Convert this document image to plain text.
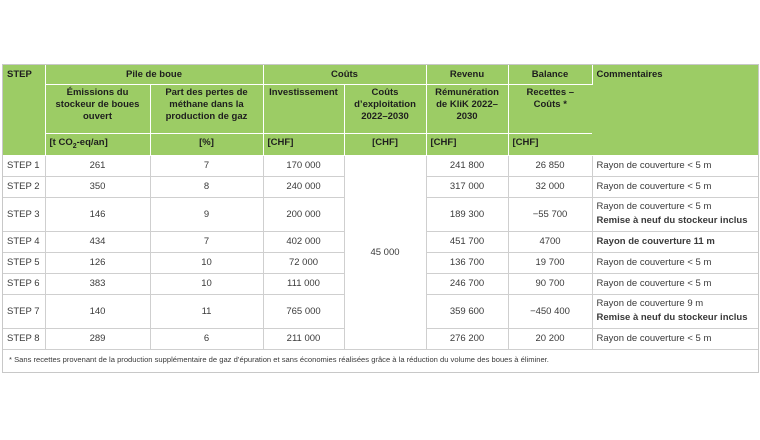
STEP	Pile de boue		Coûts		Revenu	Balance	Commentaires
	Émissions du stockeur de boues ouvert	Part des pertes de méthane dans la production de gaz	Investissement	Coûts d’exploitation 2022–2030	Rémunération de KliK 2022–2030	Recettes – Coûts *	
	[t $CO_2-eq/an$]	[%]	[CHF]	[CHF]	[CHF]	[CHF]	
STEP 1	261	7	170 000	45 000	241 800	26 850	Rayon de couverture < 5 m
STEP 2	350	8	240 000		317 000	32 000	Rayon de couverture < 5 m
STEP 3	146	9	200 000		189 300	−55 700	Rayon de couverture < 5 m
Remise à neuf du stockeur inclus

STEP 4	434	7	402 000		451 700	4700	Rayon de couverture 11 m
STEP 5	126	10	72 000		136 700	19 700	Rayon de couverture < 5 m
STEP 6	383	10	111 000		246 700	90 700	Rayon de couverture < 5 m
STEP 7	140	11	765 000		359 600	−450 400	Rayon de couverture 9 m
Remise à neuf du stockeur inclus

STEP 8	289	6	211 000		276 200	20 200	Rayon de couverture < 5 m
* Sans recettes provenant de la production supplémentaire de gaz d’épuration et sans économies réalisées grâce à la réduction du volume des boues à éliminer.
